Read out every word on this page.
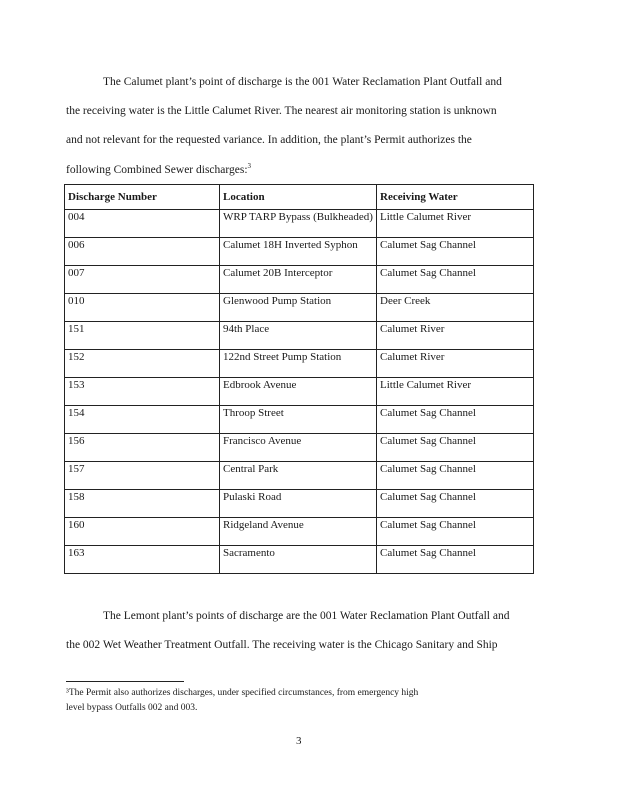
The Calumet plant’s point of discharge is the 001 Water Reclamation Plant Outfall and
the receiving water is the Little Calumet River. The nearest air monitoring station is unknown
and not relevant for the requested variance. In addition, the plant’s Permit authorizes the
following Combined Sewer discharges:$^3$
Discharge Number	Location	Receiving Water
004	WRP TARP Bypass (Bulkheaded)	Little Calumet River
006	Calumet 18H Inverted Syphon	Calumet Sag Channel
007	Calumet 20B Interceptor	Calumet Sag Channel
010	Glenwood Pump Station	Deer Creek
151	94th Place	Calumet River
152	122nd Street Pump Station	Calumet River
153	Edbrook Avenue	Little Calumet River
154	Throop Street	Calumet Sag Channel
156	Francisco Avenue	Calumet Sag Channel
157	Central Park	Calumet Sag Channel
158	Pulaski Road	Calumet Sag Channel
160	Ridgeland Avenue	Calumet Sag Channel
163	Sacramento	Calumet Sag Channel
The Lemont plant’s points of discharge are the 001 Water Reclamation Plant Outfall and
the 002 Wet Weather Treatment Outfall. The receiving water is the Chicago Sanitary and Ship
³The Permit also authorizes discharges, under specified circumstances, from emergency high
level bypass Outfalls 002 and 003.
3
